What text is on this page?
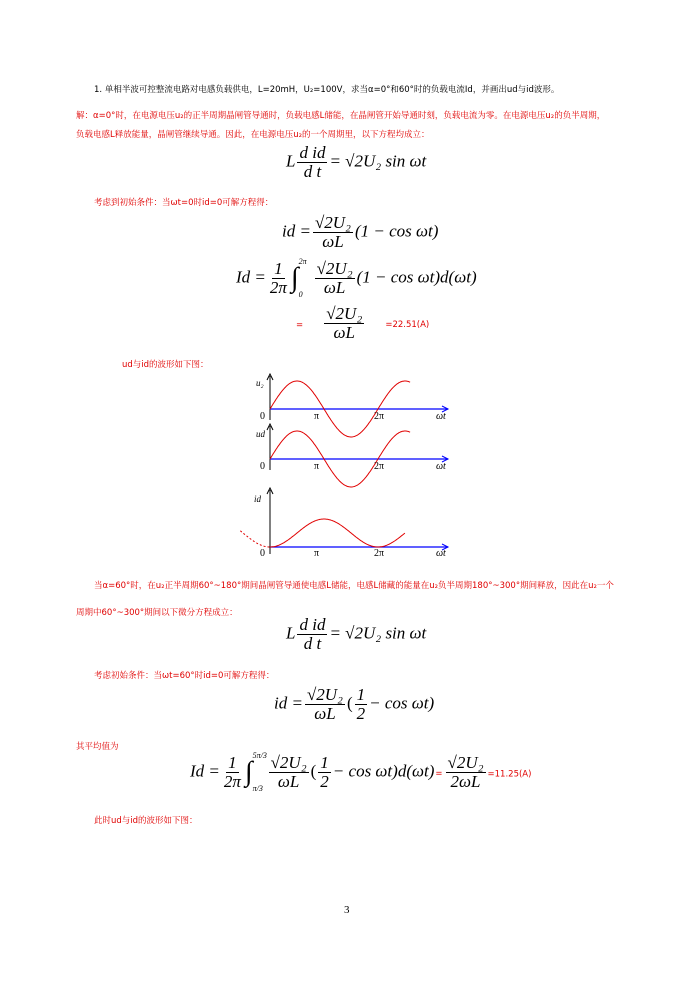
1. 单相半波可控整流电路对电感负载供电，L=20mH，U₂=100V，求当α=0°和60°时的负载电流Id，并画出ud与id波形。
解：α=0°时，在电源电压u₂的正半周期晶闸管导通时，负载电感L储能，在晶闸管开始导通时刻，负载电流为零。在电源电压u₂的负半周期，
负载电感L释放能量，晶闸管继续导通。因此，在电源电压u₂的一个周期里，以下方程均成立：
L $\frac{\text{d id}}{\text{d t}} = √2U_2$ sin ωt
考虑到初始条件：当ωt=0时id=0可解方程得：
id = $\frac{\text{√2U₂}}{\omega L} (1 - \cos \omega t)$
$Id = \frac{1}{2\pi}$ ∫
2π
$0 \frac{\text{√2U₂}}{\omega L} (1 - \cos \omega t)d(\omega t)$
= $\frac{\text{√2U₂}}{\omega L} =22.51(A)$
ud与id的波形如下图：
u₂
0	π	2π	ωt
ud
0	π	2π	ωt
id
0	π	2π	ωt
当α=60°时，在u₂正半周期60°~180°期间晶闸管导通使电感L储能，电感L储藏的能量在u₂负半周期180°~300°期间释放，因此在u₂一个
周期中60°~300°期间以下微分方程成立：
L $\frac{\text{d id}}{\text{d t}} = √2U_2$ sin ωt
考虑初始条件：当ωt=60°时id=0可解方程得：
id = $\frac{\text{√2U₂}}{\omega L}$ ( $\frac{1}{2} - \cos \omega t$)
其平均值为
$Id = \frac{1}{2\pi}$ ∫
5π/3
$\pi/3 \frac{\text{√2U₂}}{\omega L}$ ( $\frac{1}{2} - \cos \omega t)d(\omega t)= \frac{\text{√2U₂}}{2\omega L} =11.25(A)$
此时ud与id的波形如下图：
3
